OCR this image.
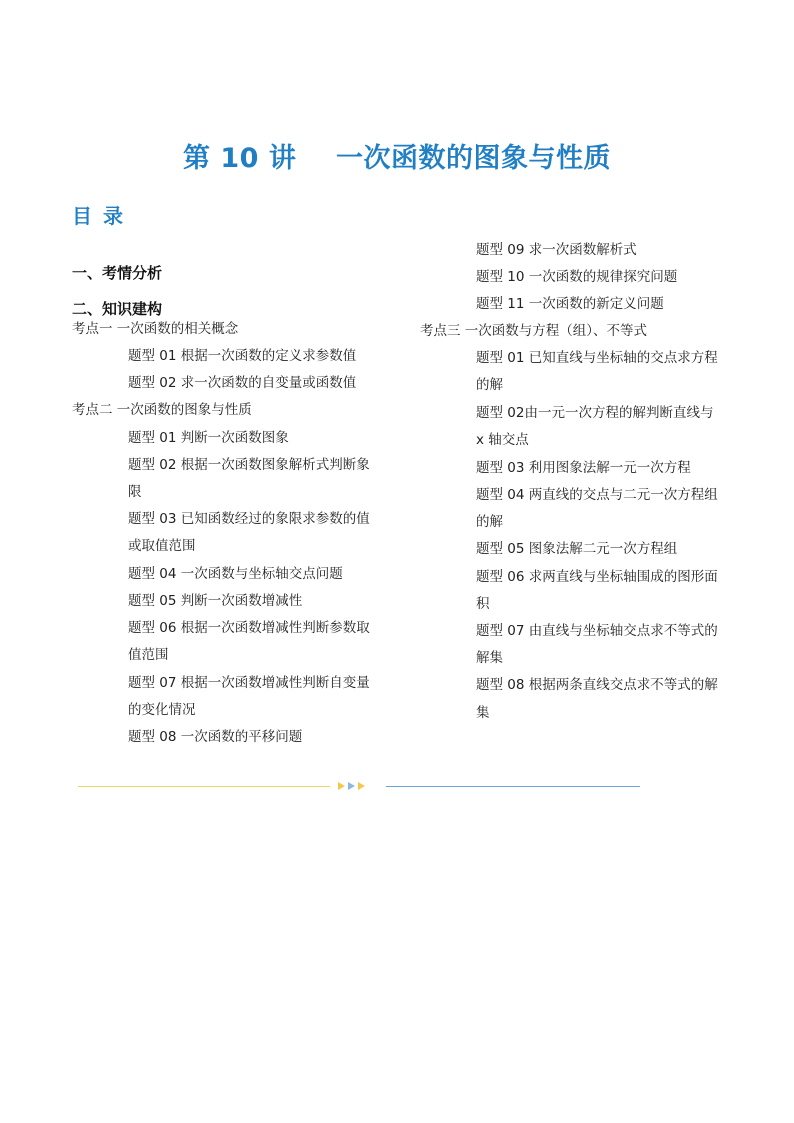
第 10 讲    一次函数的图象与性质
目 录
一、考情分析
二、知识建构
考点一 一次函数的相关概念
题型 01 根据一次函数的定义求参数值
题型 02 求一次函数的自变量或函数值
考点二 一次函数的图象与性质
题型 01 判断一次函数图象
题型 02 根据一次函数图象解析式判断象
限
题型 03 已知函数经过的象限求参数的值
或取值范围
题型 04 一次函数与坐标轴交点问题
题型 05 判断一次函数增减性
题型 06 根据一次函数增减性判断参数取
值范围
题型 07 根据一次函数增减性判断自变量
的变化情况
题型 08 一次函数的平移问题
题型 09 求一次函数解析式
题型 10 一次函数的规律探究问题
题型 11 一次函数的新定义问题
考点三 一次函数与方程（组）、不等式
题型 01 已知直线与坐标轴的交点求方程
的解
题型 02由一元一次方程的解判断直线与
x 轴交点
题型 03 利用图象法解一元一次方程
题型 04 两直线的交点与二元一次方程组
的解
题型 05 图象法解二元一次方程组
题型 06 求两直线与坐标轴围成的图形面
积
题型 07 由直线与坐标轴交点求不等式的
解集
题型 08 根据两条直线交点求不等式的解
集
